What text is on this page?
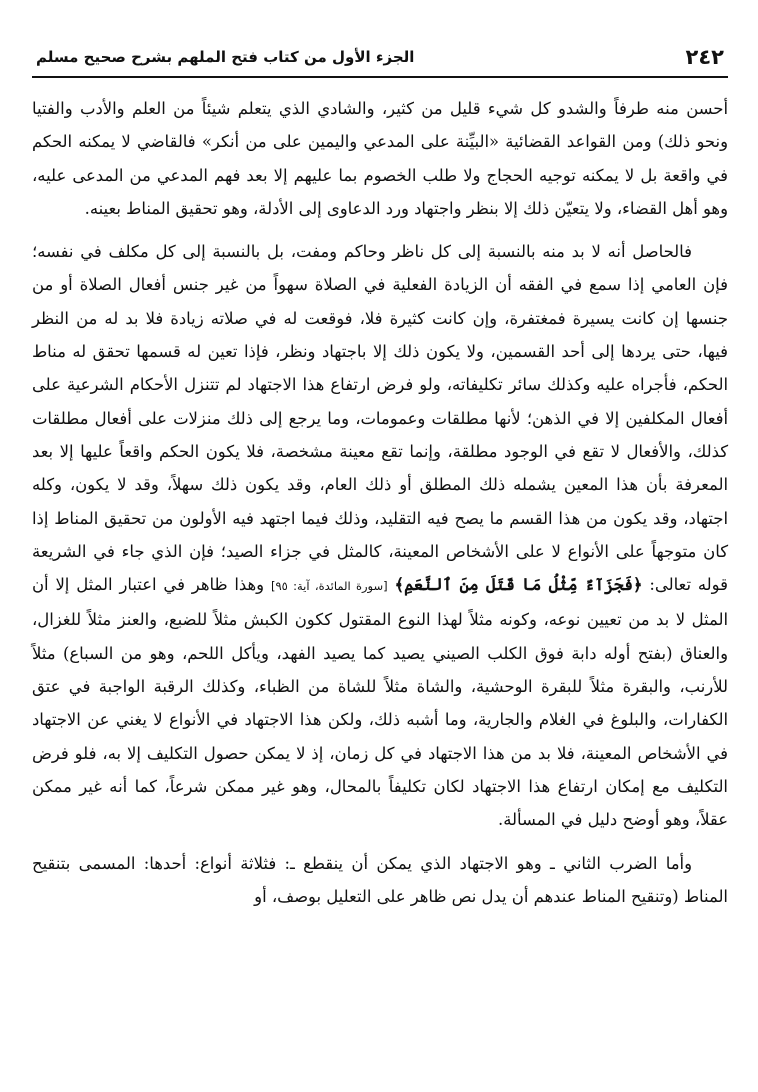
٢٤٢
الجزء الأول من كتاب فتح الملهم بشرح صحيح مسلم

أحسن منه طرفاً والشدو كل شيء قليل من كثير، والشادي الذي يتعلم شيئاً من العلم والأدب والفتيا ونحو ذلك) ومن القواعد القضائية «البيِّنة على المدعي واليمين على من أنكر» فالقاضي لا يمكنه الحكم في واقعة بل لا يمكنه توجيه الحجاج ولا طلب الخصوم بما عليهم إلا بعد فهم المدعي من المدعى عليه، وهو أهل القضاء، ولا يتعيّن ذلك إلا بنظر واجتهاد ورد الدعاوى إلى الأدلة، وهو تحقيق المناط بعينه.

فالحاصل أنه لا بد منه بالنسبة إلى كل ناظر وحاكم ومفت، بل بالنسبة إلى كل مكلف في نفسه؛ فإن العامي إذا سمع في الفقه أن الزيادة الفعلية في الصلاة سهواً من غير جنس أفعال الصلاة أو من جنسها إن كانت يسيرة فمغتفرة، وإن كانت كثيرة فلا، فوقعت له في صلاته زيادة فلا بد له من النظر فيها، حتى يردها إلى أحد القسمين، ولا يكون ذلك إلا باجتهاد ونظر، فإذا تعين له قسمها تحقق له مناط الحكم، فأجراه عليه وكذلك سائر تكليفاته، ولو فرض ارتفاع هذا الاجتهاد لم تتنزل الأحكام الشرعية على أفعال المكلفين إلا في الذهن؛ لأنها مطلقات وعمومات، وما يرجع إلى ذلك منزلات على أفعال مطلقات كذلك، والأفعال لا تقع في الوجود مطلقة، وإنما تقع معينة مشخصة، فلا يكون الحكم واقعاً عليها إلا بعد المعرفة بأن هذا المعين يشمله ذلك المطلق أو ذلك العام، وقد يكون ذلك سهلاً، وقد لا يكون، وكله اجتهاد، وقد يكون من هذا القسم ما يصح فيه التقليد، وذلك فيما اجتهد فيه الأولون من تحقيق المناط إذا كان متوجهاً على الأنواع لا على الأشخاص المعينة، كالمثل في جزاء الصيد؛ فإن الذي جاء في الشريعة قوله تعالى: ﴿فَجَزَآءٌ مِّثْلُ مَا قَتَلَ مِنَ ٱلنَّعَمِ﴾ [سورة المائدة، آية: ٩٥] وهذا ظاهر في اعتبار المثل إلا أن المثل لا بد من تعيين نوعه، وكونه مثلاً لهذا النوع المقتول ككون الكبش مثلاً للضبع، والعنز مثلاً للغزال، والعناق (بفتح أوله دابة فوق الكلب الصيني يصيد كما يصيد الفهد، ويأكل اللحم، وهو من السباع) مثلاً للأرنب، والبقرة مثلاً للبقرة الوحشية، والشاة مثلاً للشاة من الظباء، وكذلك الرقبة الواجبة في عتق الكفارات، والبلوغ في الغلام والجارية، وما أشبه ذلك، ولكن هذا الاجتهاد في الأنواع لا يغني عن الاجتهاد في الأشخاص المعينة، فلا بد من هذا الاجتهاد في كل زمان، إذ لا يمكن حصول التكليف إلا به، فلو فرض التكليف مع إمكان ارتفاع هذا الاجتهاد لكان تكليفاً بالمحال، وهو غير ممكن شرعاً، كما أنه غير ممكن عقلاً، وهو أوضح دليل في المسألة.

وأما الضرب الثاني ـ وهو الاجتهاد الذي يمكن أن ينقطع ـ: فثلاثة أنواع: أحدها: المسمى بتنقيح المناط (وتنقيح المناط عندهم أن يدل نص ظاهر على التعليل بوصف، أو
